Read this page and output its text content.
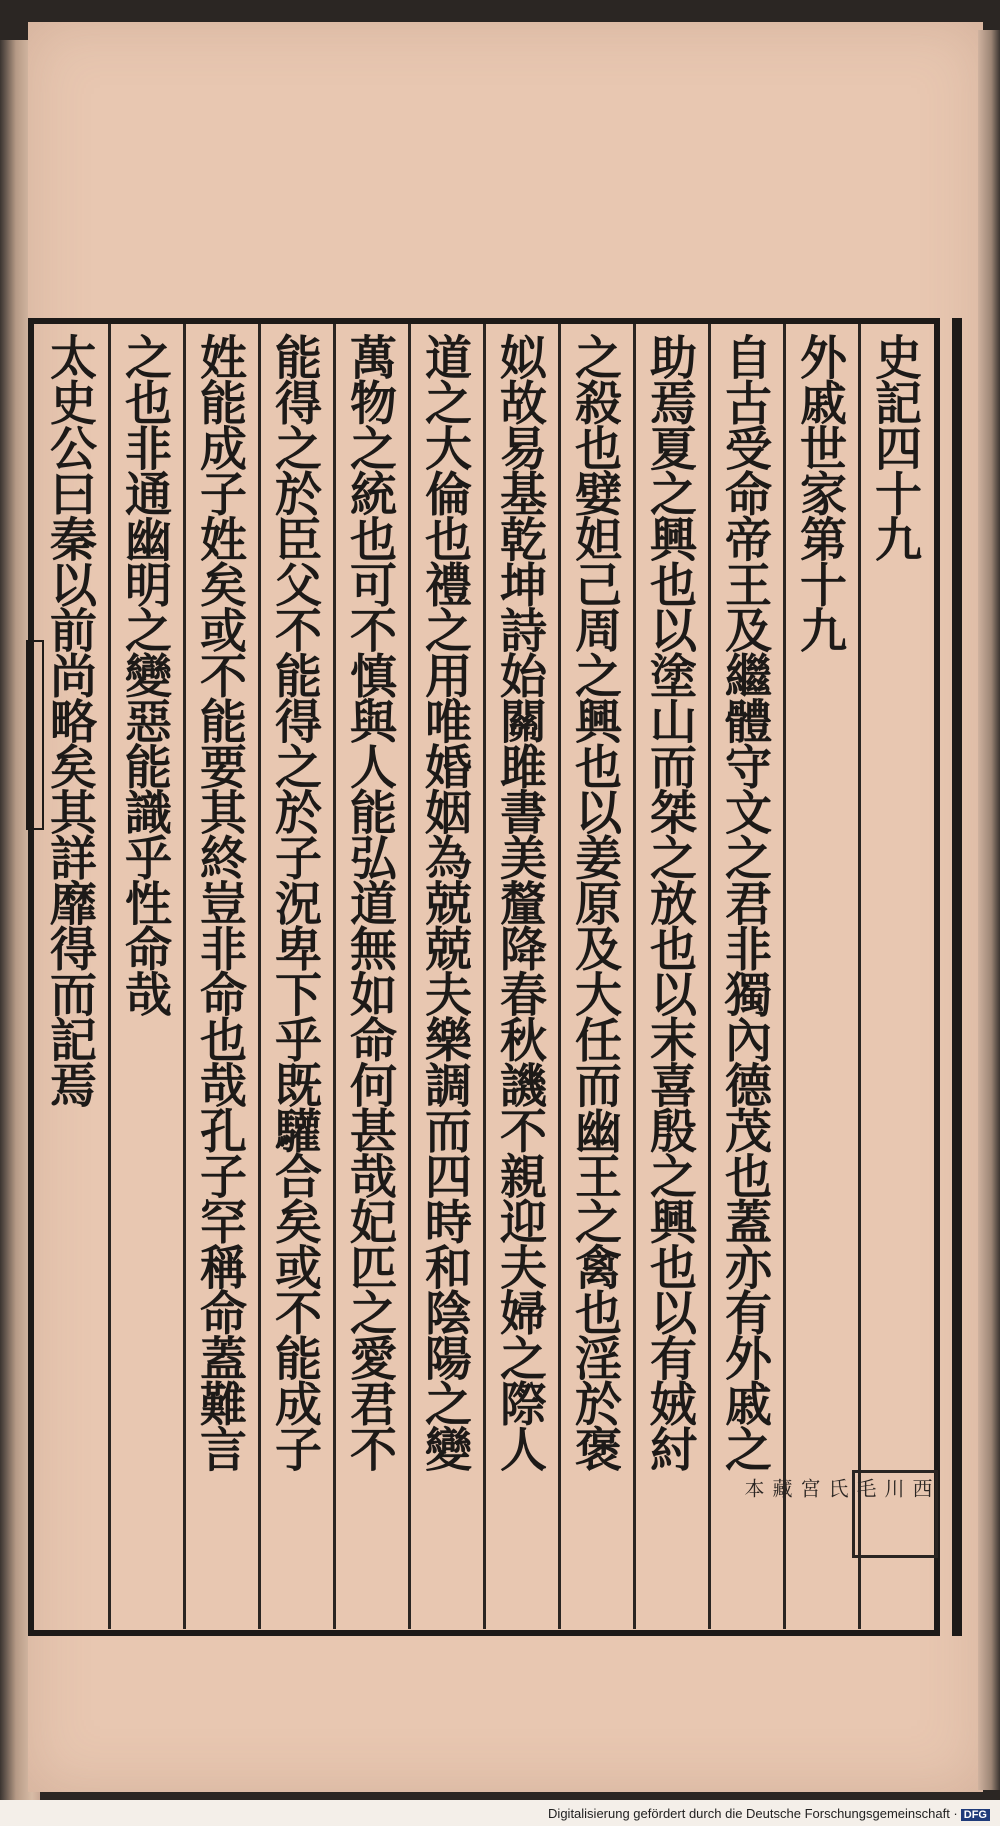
史記四十九
外戚世家第十九
自古受命帝王及繼體守文之君非獨內德茂也蓋亦有外戚之
助焉夏之興也以塗山而桀之放也以末喜殷之興也以有娀紂
之殺也嬖妲己周之興也以姜原及大任而幽王之禽也淫於褒
姒故易基乾坤詩始關雎書美釐降春秋譏不親迎夫婦之際人
道之大倫也禮之用唯婚姻為兢兢夫樂調而四時和陰陽之變
萬物之統也可不慎與人能弘道無如命何甚哉妃匹之愛君不
能得之於臣父不能得之於子況卑下乎既驩合矣或不能成子
姓能成子姓矣或不能要其終豈非命也哉孔子罕稱命蓋難言
之也非通幽明之變惡能識乎性命哉
太史公曰秦以前尚略矣其詳靡得而記焉
西川毛氏宮藏本
Digitalisierung gefördert durch die Deutsche Forschungsgemeinschaft · DFG
